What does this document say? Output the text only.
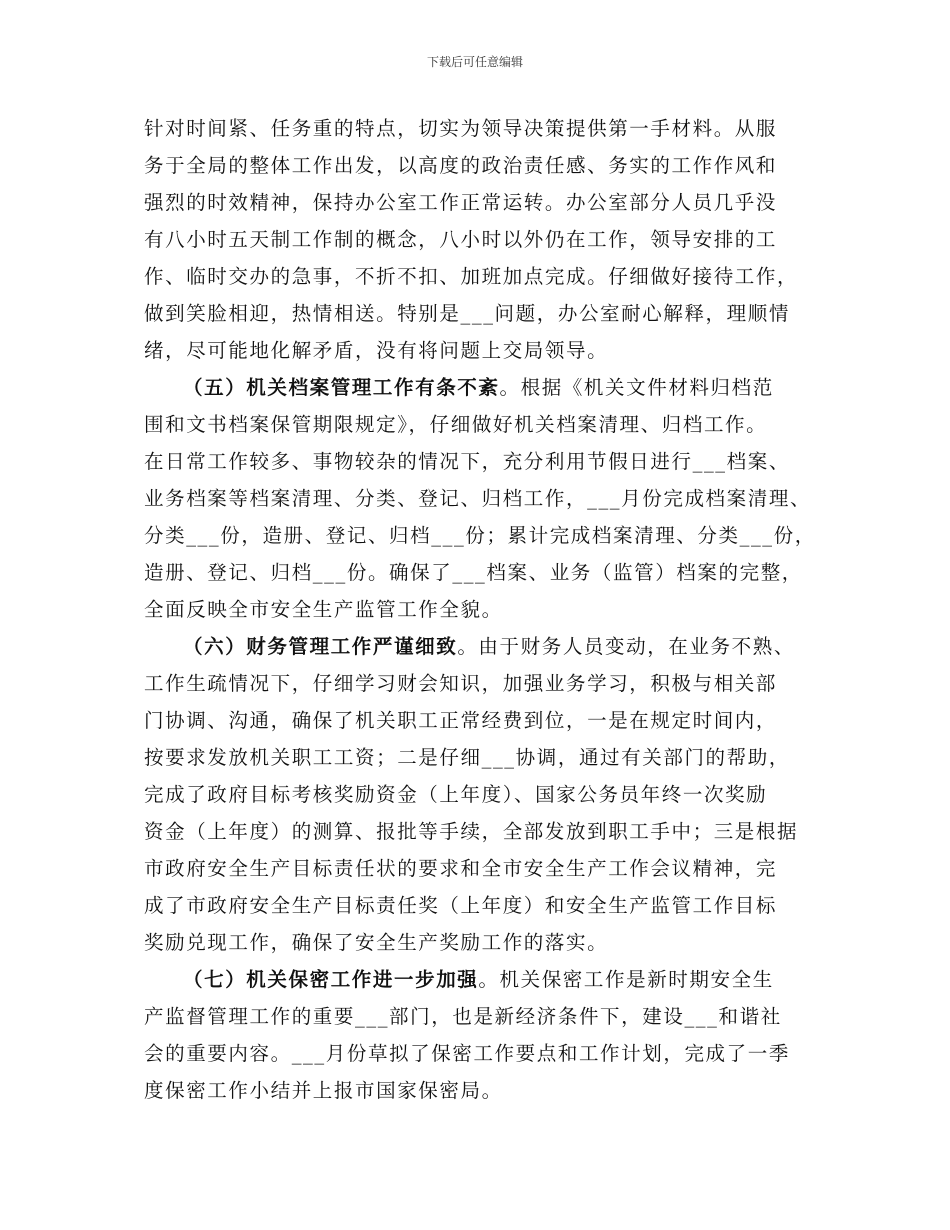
下载后可任意编辑
针对时间紧、任务重的特点，切实为领导决策提供第一手材料。从服
务于全局的整体工作出发，以高度的政治责任感、务实的工作作风和
强烈的时效精神，保持办公室工作正常运转。办公室部分人员几乎没
有八小时五天制工作制的概念，八小时以外仍在工作，领导安排的工
作、临时交办的急事，不折不扣、加班加点完成。仔细做好接待工作，
做到笑脸相迎，热情相送。特别是___问题，办公室耐心解释，理顺情
绪，尽可能地化解矛盾，没有将问题上交局领导。
（五）机关档案管理工作有条不紊。根据《机关文件材料归档范
围和文书档案保管期限规定》，仔细做好机关档案清理、归档工作。
在日常工作较多、事物较杂的情况下，充分利用节假日进行___档案、
业务档案等档案清理、分类、登记、归档工作，___月份完成档案清理、
分类___份，造册、登记、归档___份；累计完成档案清理、分类___份，
造册、登记、归档___份。确保了___档案、业务（监管）档案的完整，
全面反映全市安全生产监管工作全貌。
（六）财务管理工作严谨细致。由于财务人员变动，在业务不熟、
工作生疏情况下，仔细学习财会知识，加强业务学习，积极与相关部
门协调、沟通，确保了机关职工正常经费到位，一是在规定时间内，
按要求发放机关职工工资；二是仔细___协调，通过有关部门的帮助，
完成了政府目标考核奖励资金（上年度）、国家公务员年终一次奖励
资金（上年度）的测算、报批等手续，全部发放到职工手中；三是根据
市政府安全生产目标责任状的要求和全市安全生产工作会议精神，完
成了市政府安全生产目标责任奖（上年度）和安全生产监管工作目标
奖励兑现工作，确保了安全生产奖励工作的落实。
（七）机关保密工作进一步加强。机关保密工作是新时期安全生
产监督管理工作的重要___部门，也是新经济条件下，建设___和谐社
会的重要内容。___月份草拟了保密工作要点和工作计划，完成了一季
度保密工作小结并上报市国家保密局。
